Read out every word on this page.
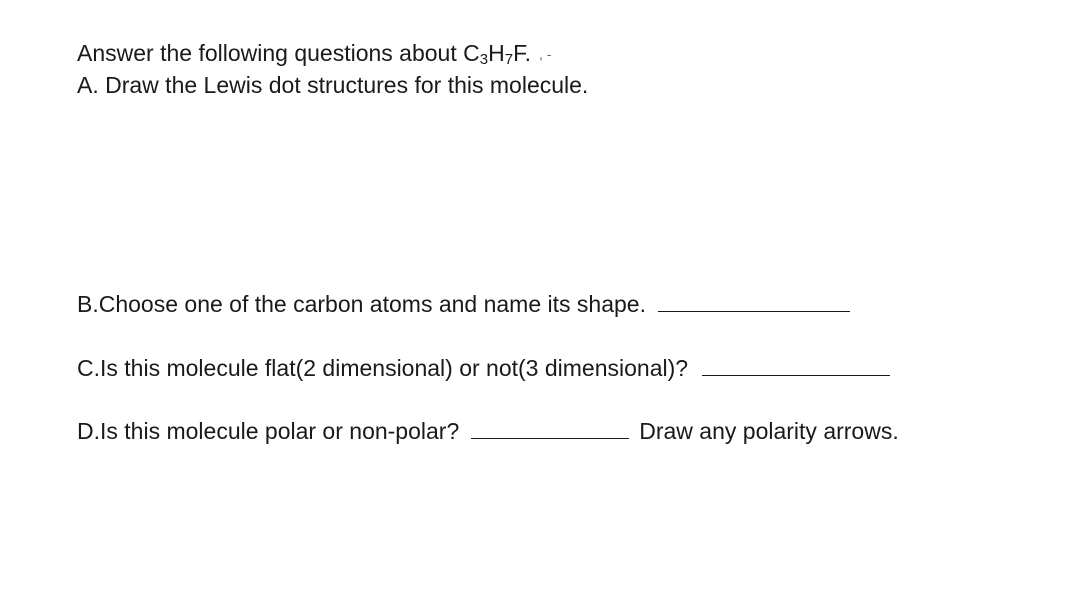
Answer the following questions about $C_3H_7F$. , -
A. Draw the Lewis dot structures for this molecule.
B.Choose one of the carbon atoms and name its shape.
C.Is this molecule flat(2 dimensional) or not(3 dimensional)?
D.Is this molecule polar or non-polar?	Draw any polarity arrows.
